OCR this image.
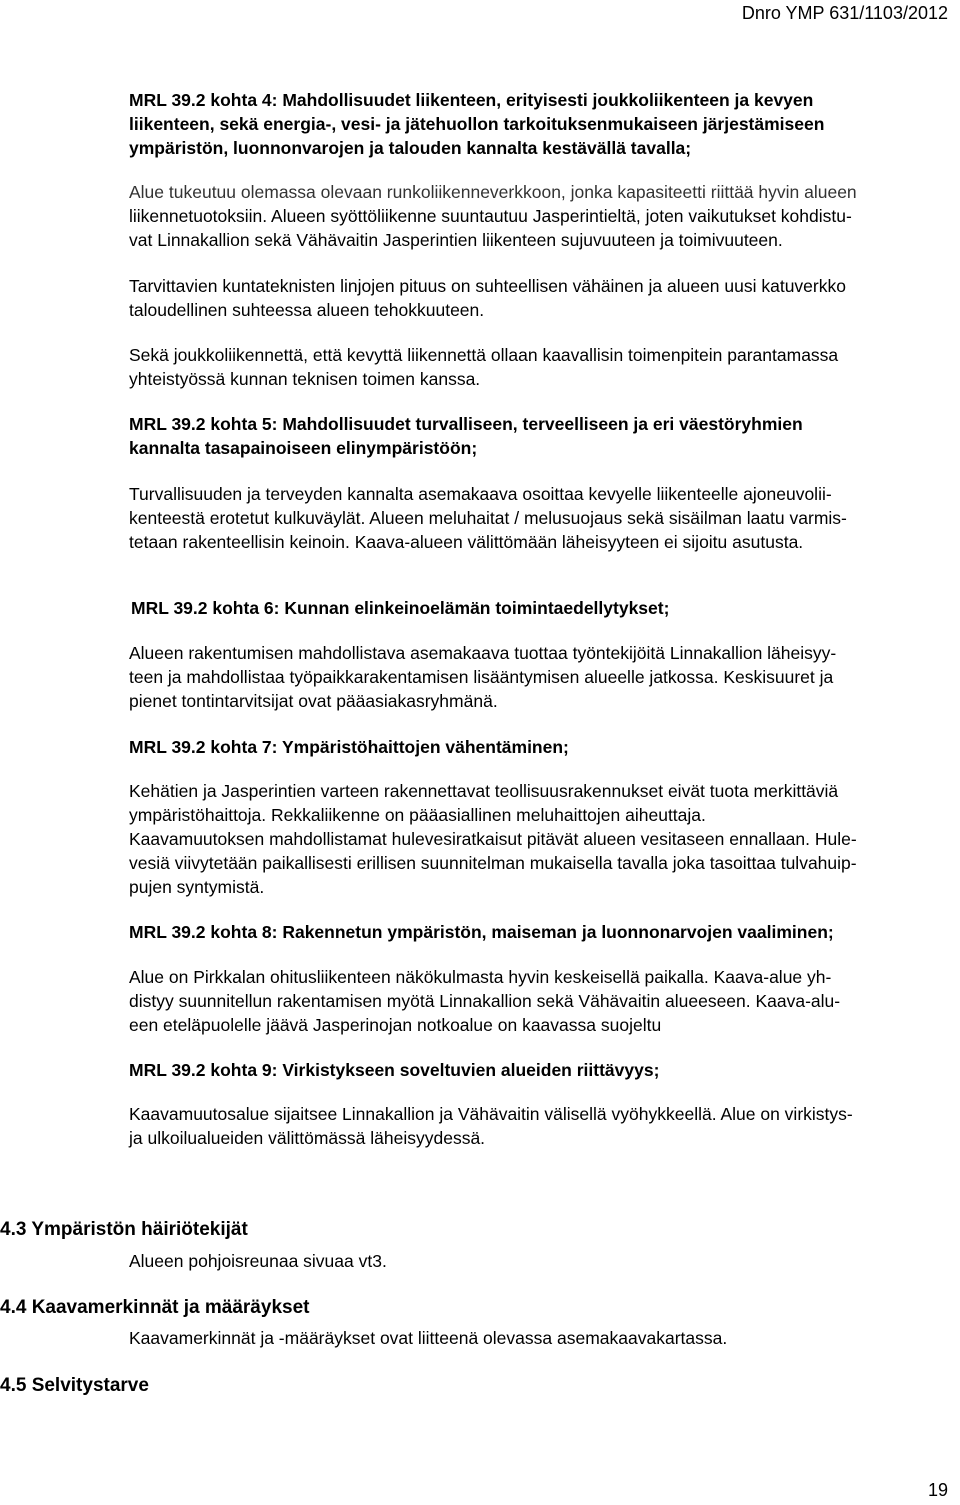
Dnro YMP 631/1103/2012
MRL 39.2 kohta 4: Mahdollisuudet liikenteen, erityisesti joukkoliikenteen ja kevyen
liikenteen, sekä energia-, vesi- ja jätehuollon tarkoituksenmukaiseen järjestämiseen
ympäristön, luonnonvarojen ja talouden kannalta kestävällä tavalla;
Alue tukeutuu olemassa olevaan runkoliikenneverkkoon, jonka kapasiteetti riittää hyvin alueen
liikennetuotoksiin. Alueen syöttöliikenne suuntautuu Jasperintieltä, joten vaikutukset kohdistu-
vat Linnakallion sekä Vähävaitin Jasperintien liikenteen sujuvuuteen ja toimivuuteen.
Tarvittavien kuntateknisten linjojen pituus on suhteellisen vähäinen ja alueen uusi katuverkko
taloudellinen suhteessa alueen tehokkuuteen.
Sekä joukkoliikennettä, että kevyttä liikennettä ollaan kaavallisin toimenpitein parantamassa
yhteistyössä kunnan teknisen toimen kanssa.
MRL 39.2 kohta 5: Mahdollisuudet turvalliseen, terveelliseen ja eri väestöryhmien
kannalta tasapainoiseen elinympäristöön;
Turvallisuuden ja terveyden kannalta asemakaava osoittaa kevyelle liikenteelle ajoneuvolii-
kenteestä erotetut kulkuväylät. Alueen meluhaitat / melusuojaus sekä sisäilman laatu varmis-
tetaan rakenteellisin keinoin. Kaava-alueen välittömään läheisyyteen ei sijoitu asutusta.
MRL 39.2 kohta 6: Kunnan elinkeinoelämän toimintaedellytykset;
Alueen rakentumisen mahdollistava asemakaava tuottaa työntekijöitä Linnakallion läheisyy-
teen ja mahdollistaa työpaikkarakentamisen lisääntymisen alueelle jatkossa. Keskisuuret ja
pienet tontintarvitsijat ovat pääasiakasryhmänä.
MRL 39.2 kohta 7: Ympäristöhaittojen vähentäminen;
Kehätien ja Jasperintien varteen rakennettavat teollisuusrakennukset eivät tuota merkittäviä
ympäristöhaittoja. Rekkaliikenne on pääasiallinen meluhaittojen aiheuttaja.
Kaavamuutoksen mahdollistamat hulevesiratkaisut pitävät alueen vesitaseen ennallaan. Hule-
vesiä viivytetään paikallisesti erillisen suunnitelman mukaisella tavalla joka tasoittaa tulvahuip-
pujen syntymistä.
MRL 39.2 kohta 8: Rakennetun ympäristön, maiseman ja luonnonarvojen vaaliminen;
Alue on Pirkkalan ohitusliikenteen näkökulmasta hyvin keskeisellä paikalla. Kaava-alue yh-
distyy suunnitellun rakentamisen myötä Linnakallion sekä Vähävaitin alueeseen. Kaava-alu-
een eteläpuolelle jäävä Jasperinojan notkoalue on kaavassa suojeltu
MRL 39.2 kohta 9: Virkistykseen soveltuvien alueiden riittävyys;
Kaavamuutosalue sijaitsee Linnakallion ja Vähävaitin välisellä vyöhykkeellä. Alue on virkistys-
ja ulkoilualueiden välittömässä läheisyydessä.
4.3 Ympäristön häiriötekijät
Alueen pohjoisreunaa sivuaa vt3.
4.4 Kaavamerkinnät ja määräykset
Kaavamerkinnät ja -määräykset ovat liitteenä olevassa asemakaavakartassa.
4.5 Selvitystarve
19
